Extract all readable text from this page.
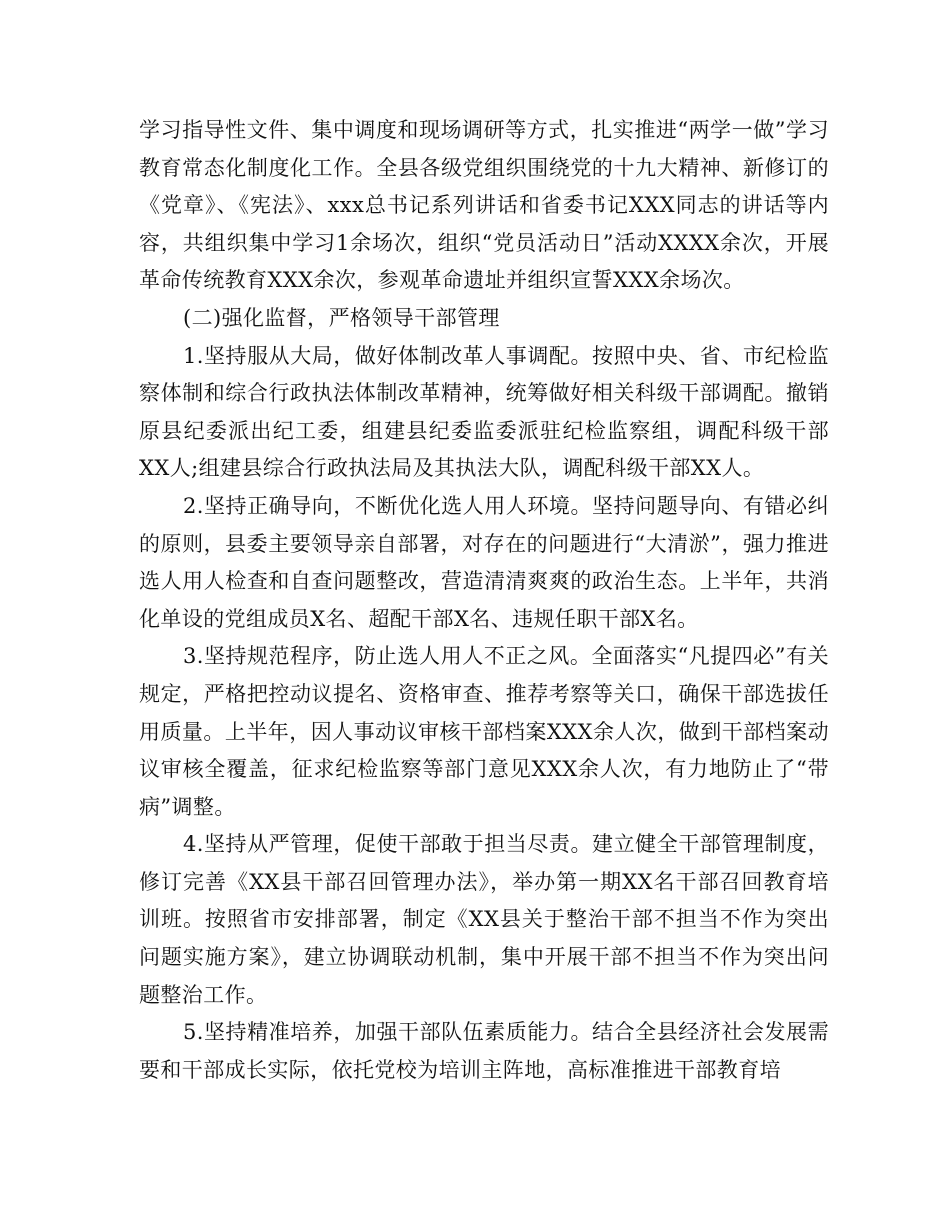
学习指导性文件、集中调度和现场调研等方式，扎实推进“两学一做”学习教育常态化制度化工作。全县各级党组织围绕党的十九大精神、新修订的《党章》、《宪法》、xxx总书记系列讲话和省委书记XXX同志的讲话等内容，共组织集中学习1余场次，组织“党员活动日”活动XXXX余次，开展革命传统教育XXX余次，参观革命遗址并组织宣誓XXX余场次。

(二)强化监督，严格领导干部管理

1.坚持服从大局，做好体制改革人事调配。按照中央、省、市纪检监察体制和综合行政执法体制改革精神，统筹做好相关科级干部调配。撤销原县纪委派出纪工委，组建县纪委监委派驻纪检监察组，调配科级干部XX人;组建县综合行政执法局及其执法大队，调配科级干部XX人。

2.坚持正确导向，不断优化选人用人环境。坚持问题导向、有错必纠的原则，县委主要领导亲自部署，对存在的问题进行“大清淤”，强力推进选人用人检查和自查问题整改，营造清清爽爽的政治生态。上半年，共消化单设的党组成员X名、超配干部X名、违规任职干部X名。

3.坚持规范程序，防止选人用人不正之风。全面落实“凡提四必”有关规定，严格把控动议提名、资格审查、推荐考察等关口，确保干部选拔任用质量。上半年，因人事动议审核干部档案XXX余人次，做到干部档案动议审核全覆盖，征求纪检监察等部门意见XXX余人次，有力地防止了“带病”调整。

4.坚持从严管理，促使干部敢于担当尽责。建立健全干部管理制度，修订完善《XX县干部召回管理办法》，举办第一期XX名干部召回教育培训班。按照省市安排部署，制定《XX县关于整治干部不担当不作为突出问题实施方案》，建立协调联动机制，集中开展干部不担当不作为突出问题整治工作。

5.坚持精准培养，加强干部队伍素质能力。结合全县经济社会发展需要和干部成长实际，依托党校为培训主阵地，高标准推进干部教育培
